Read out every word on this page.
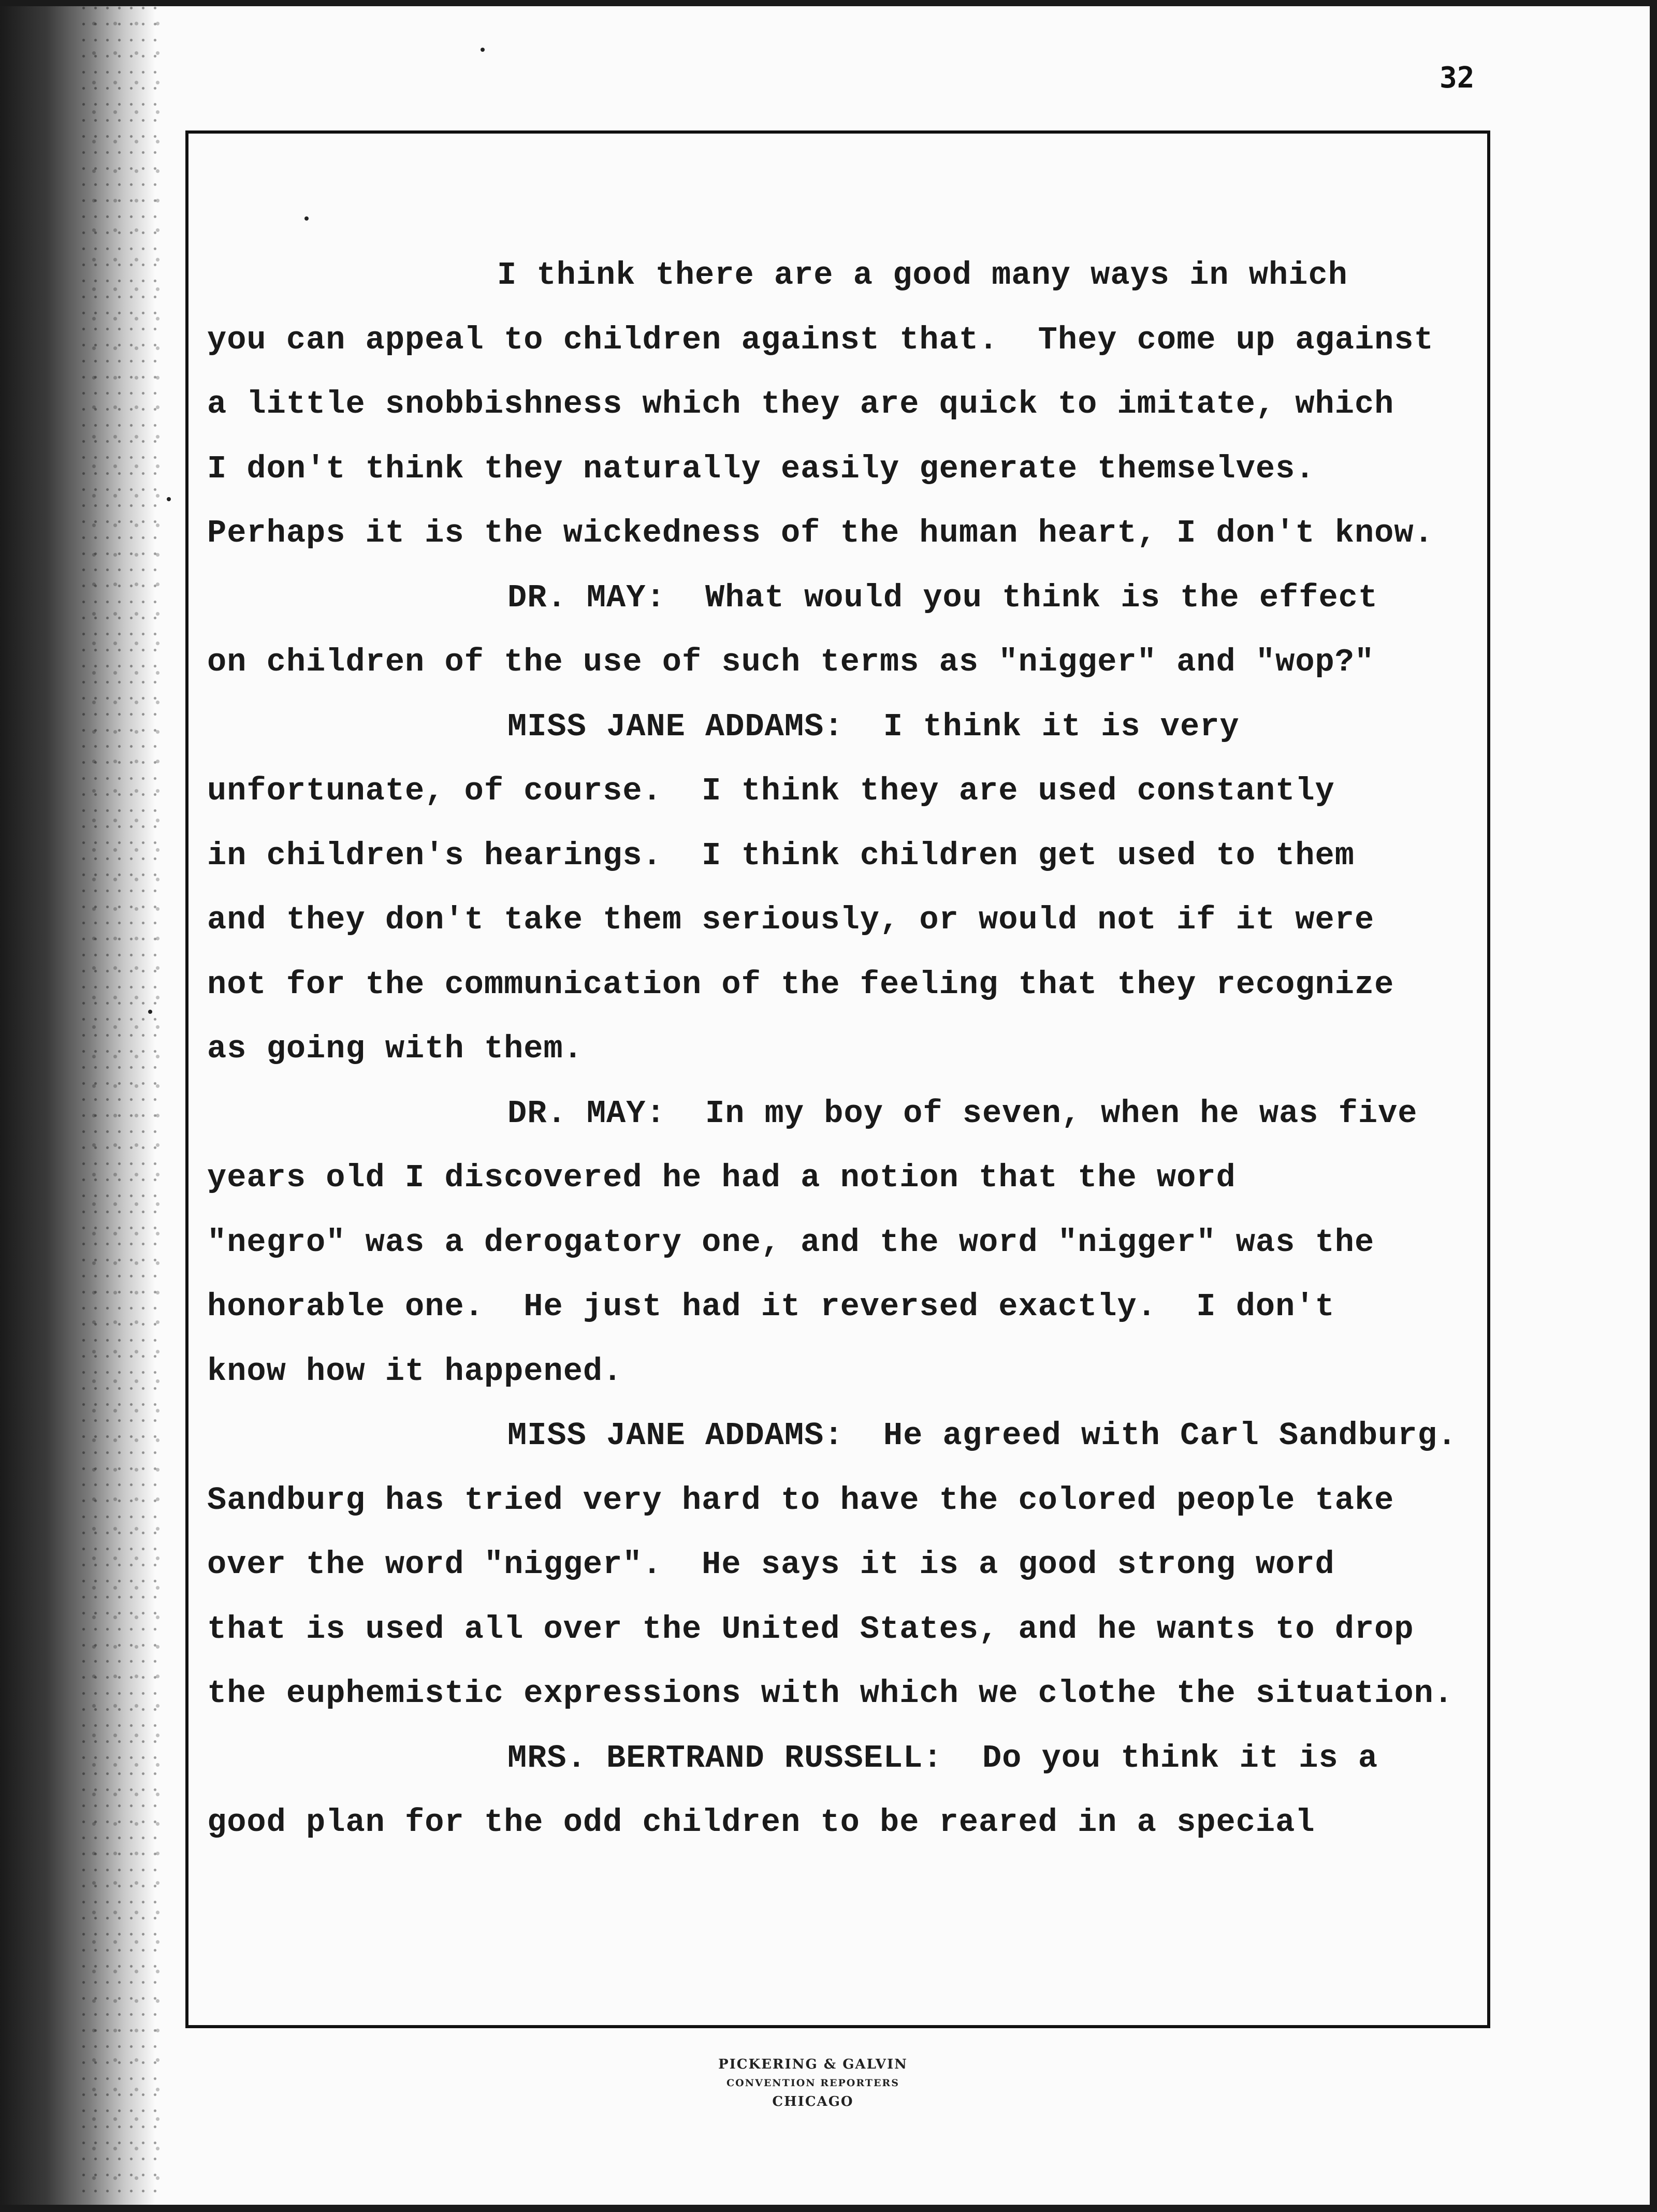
32
I think there are a good many ways in which
you can appeal to children against that.  They come up against
a little snobbishness which they are quick to imitate, which
I don't think they naturally easily generate themselves.
Perhaps it is the wickedness of the human heart, I don't know.
DR. MAY:  What would you think is the effect
on children of the use of such terms as "nigger" and "wop?"
MISS JANE ADDAMS:  I think it is very
unfortunate, of course.  I think they are used constantly
in children's hearings.  I think children get used to them
and they don't take them seriously, or would not if it were
not for the communication of the feeling that they recognize
as going with them.
DR. MAY:  In my boy of seven, when he was five
years old I discovered he had a notion that the word
"negro" was a derogatory one, and the word "nigger" was the
honorable one.  He just had it reversed exactly.  I don't
know how it happened.
MISS JANE ADDAMS:  He agreed with Carl Sandburg.
Sandburg has tried very hard to have the colored people take
over the word "nigger".  He says it is a good strong word
that is used all over the United States, and he wants to drop
the euphemistic expressions with which we clothe the situation.
MRS. BERTRAND RUSSELL:  Do you think it is a
good plan for the odd children to be reared in a special
PICKERING & GALVIN
CONVENTION REPORTERS
CHICAGO
